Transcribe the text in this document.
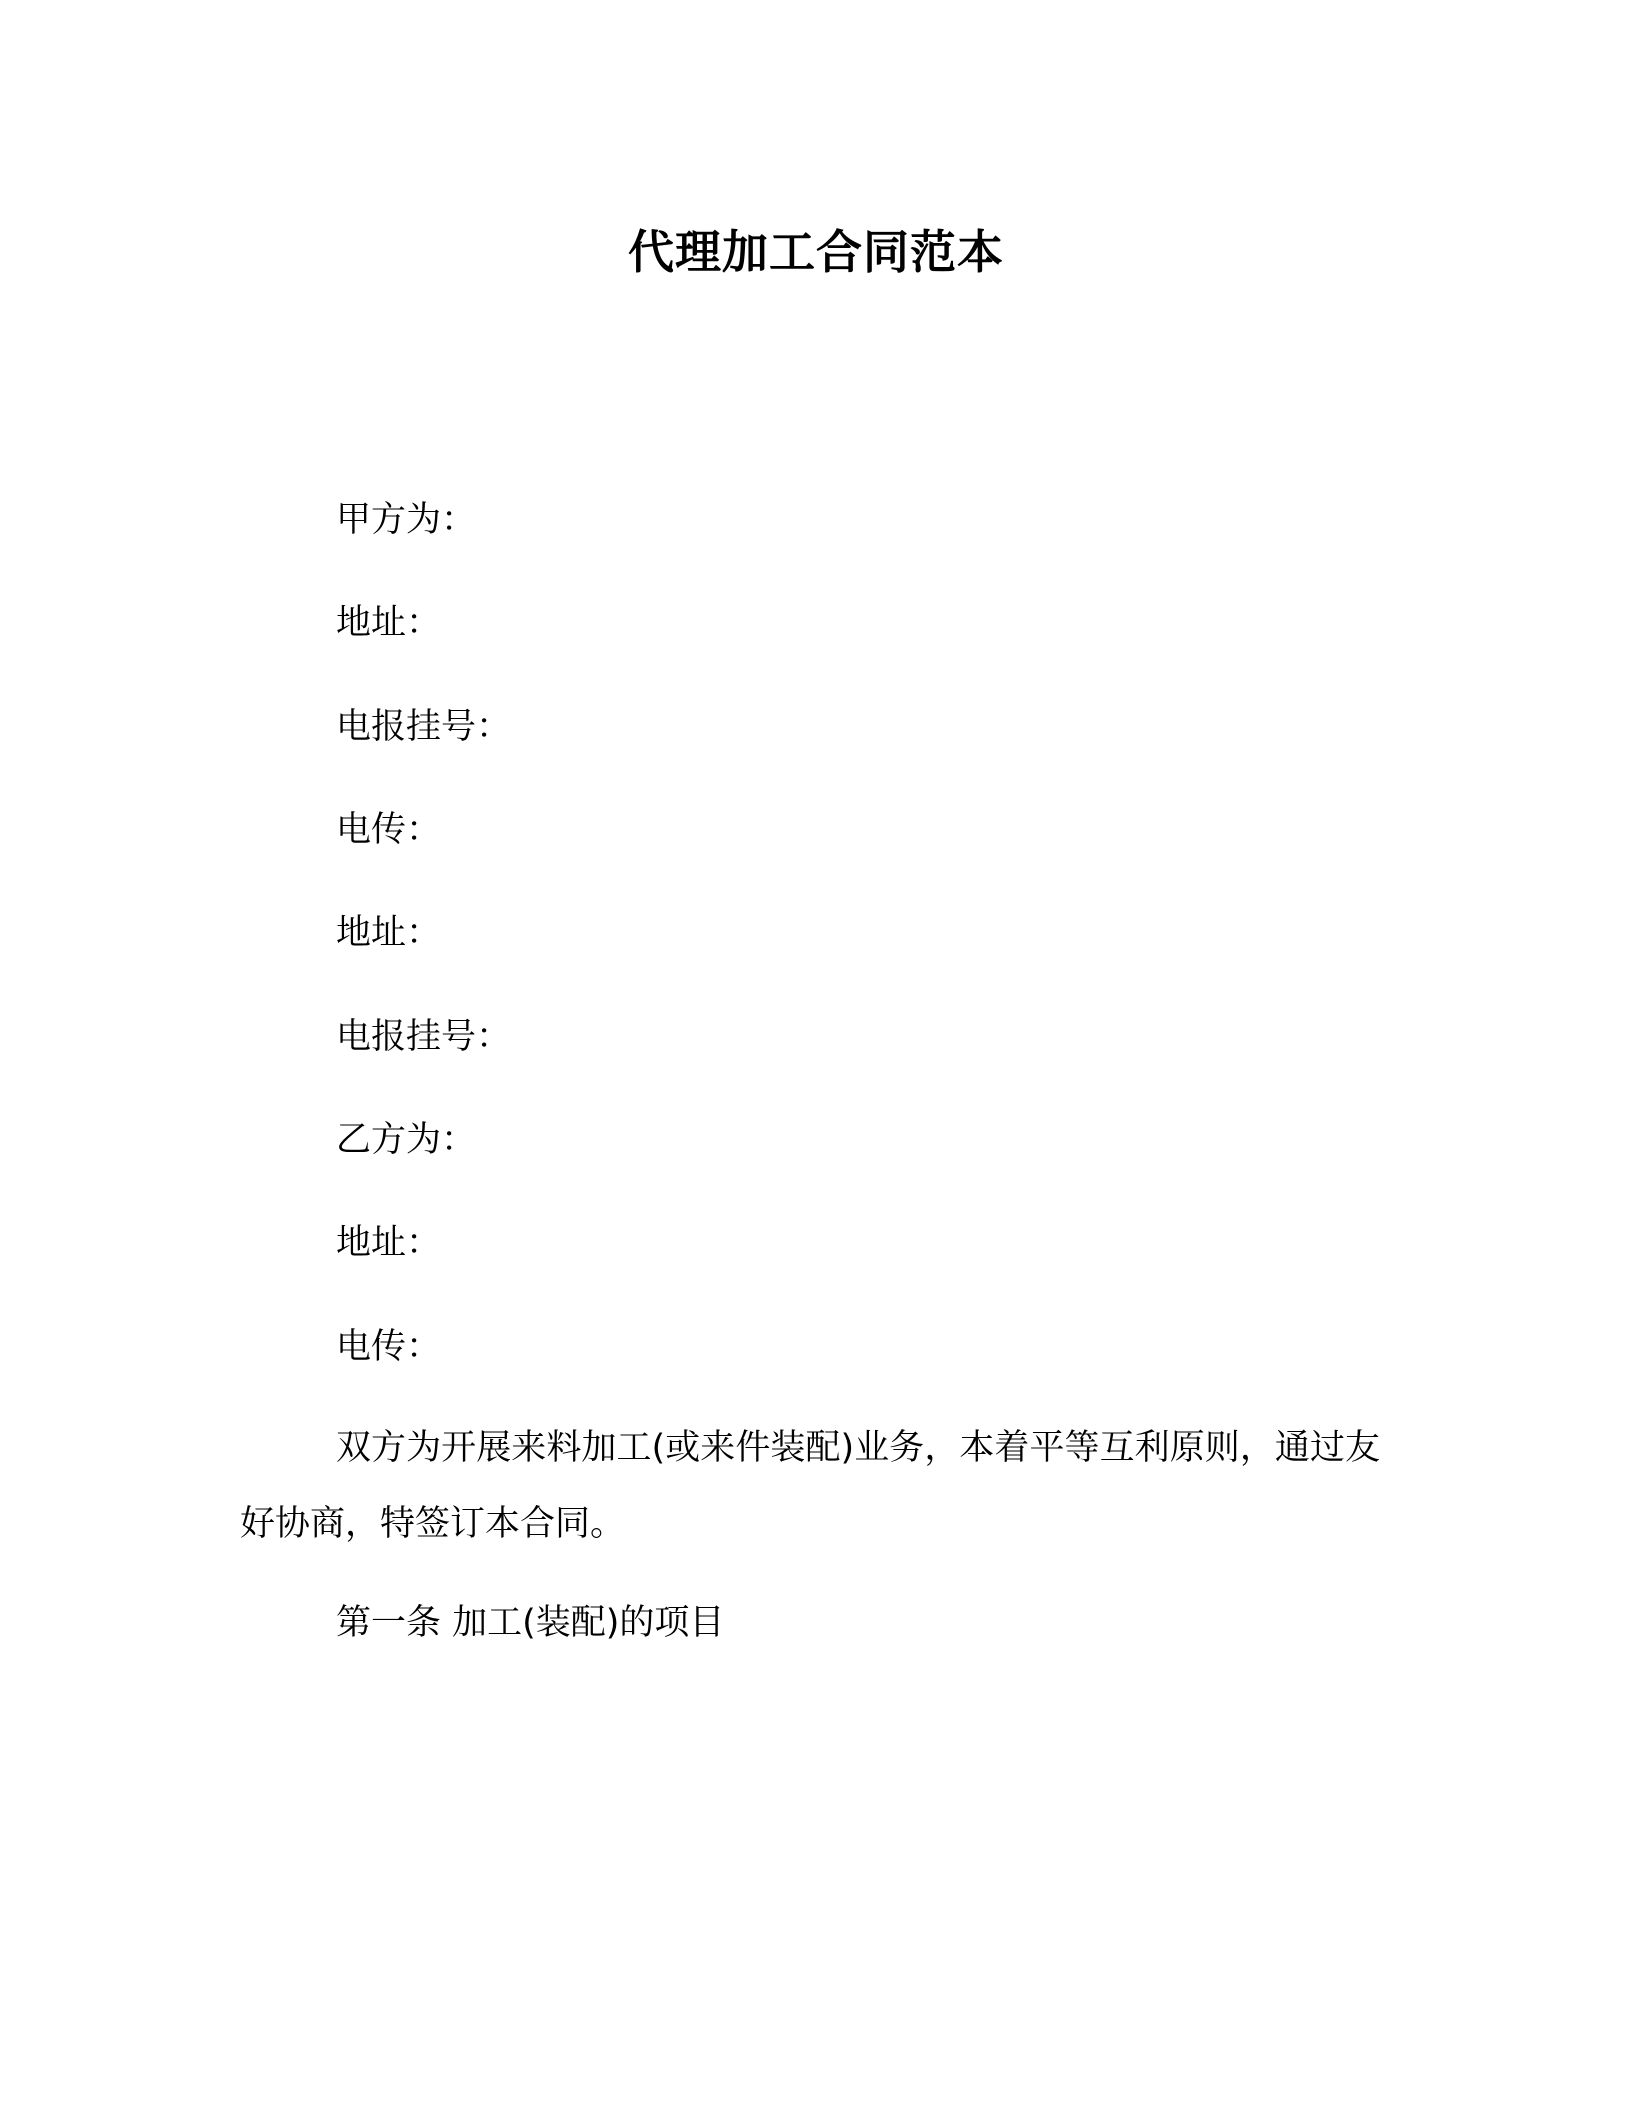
代理加工合同范本

甲方为：

地址：

电报挂号：

电传：

地址：

电报挂号：

乙方为：

地址：

电传：

双方为开展来料加工(或来件装配)业务，本着平等互利原则，通过友好协商，特签订本合同。

第一条 加工(装配)的项目
